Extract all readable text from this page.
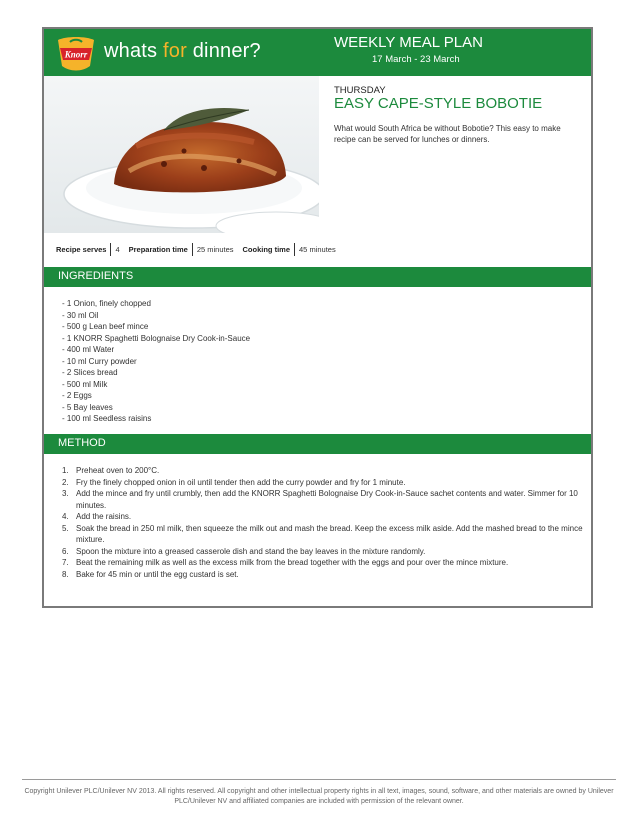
Knorr whats for dinner?	WEEKLY MEAL PLAN
17 March - 23 March
THURSDAY
EASY CAPE-STYLE BOBOTIE
What would South Africa be without Bobotie? This easy to make recipe can be served for lunches or dinners.
Recipe serves 4 Preparation time 25 minutes Cooking time 45 minutes
INGREDIENTS
- 1 Onion, finely chopped
- 30 ml Oil
- 500 g Lean beef mince
- 1 KNORR Spaghetti Bolognaise Dry Cook-in-Sauce
- 400 ml Water
- 10 ml Curry powder
- 2 Slices bread
- 500 ml Milk
- 2 Eggs
- 5 Bay leaves
- 100 ml Seedless raisins
METHOD
1. Preheat oven to 200°C.
2. Fry the finely chopped onion in oil until tender then add the curry powder and fry for 1 minute.
3. Add the mince and fry until crumbly, then add the KNORR Spaghetti Bolognaise Dry Cook-in-Sauce sachet contents and water. Simmer for 10 minutes.
4. Add the raisins.
5. Soak the bread in 250 ml milk, then squeeze the milk out and mash the bread. Keep the excess milk aside. Add the mashed bread to the mince mixture.
6. Spoon the mixture into a greased casserole dish and stand the bay leaves in the mixture randomly.
7. Beat the remaining milk as well as the excess milk from the bread together with the eggs and pour over the mince mixture.
8. Bake for 45 min or until the egg custard is set.
Copyright Unilever PLC/Unilever NV 2013. All rights reserved. All copyright and other intellectual property rights in all text, images, sound, software, and other materials are owned by Unilever PLC/Unilever NV and affiliated companies are included with permission of the relevant owner.
